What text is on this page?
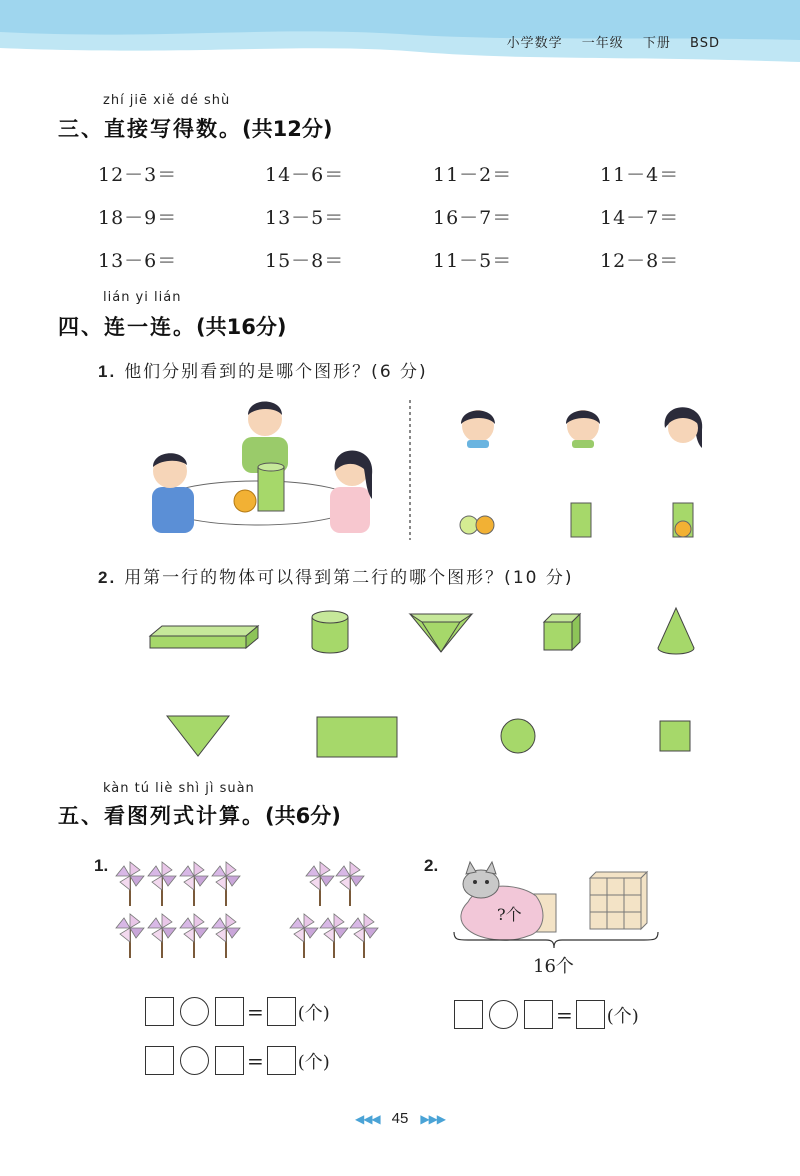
小学数学 一年级 下册 BSD
zhí jiē xiě dé shù
三、直接写得数。(共12分)
12－3＝	14－6＝	11－2＝	11－4＝
18－9＝	13－5＝	16－7＝	14－7＝
13－6＝	15－8＝	11－5＝	12－8＝
lián yi lián
四、连一连。(共16分)
1. 他们分别看到的是哪个图形？(6 分)
2. 用第一行的物体可以得到第二行的哪个图形？(10 分)
kàn tú liè shì jì suàn
五、看图列式计算。(共6分)
1.	2.
?个
16个
= (个)
= (个)
= (个)
◀◀◀ 45 ▶▶▶
